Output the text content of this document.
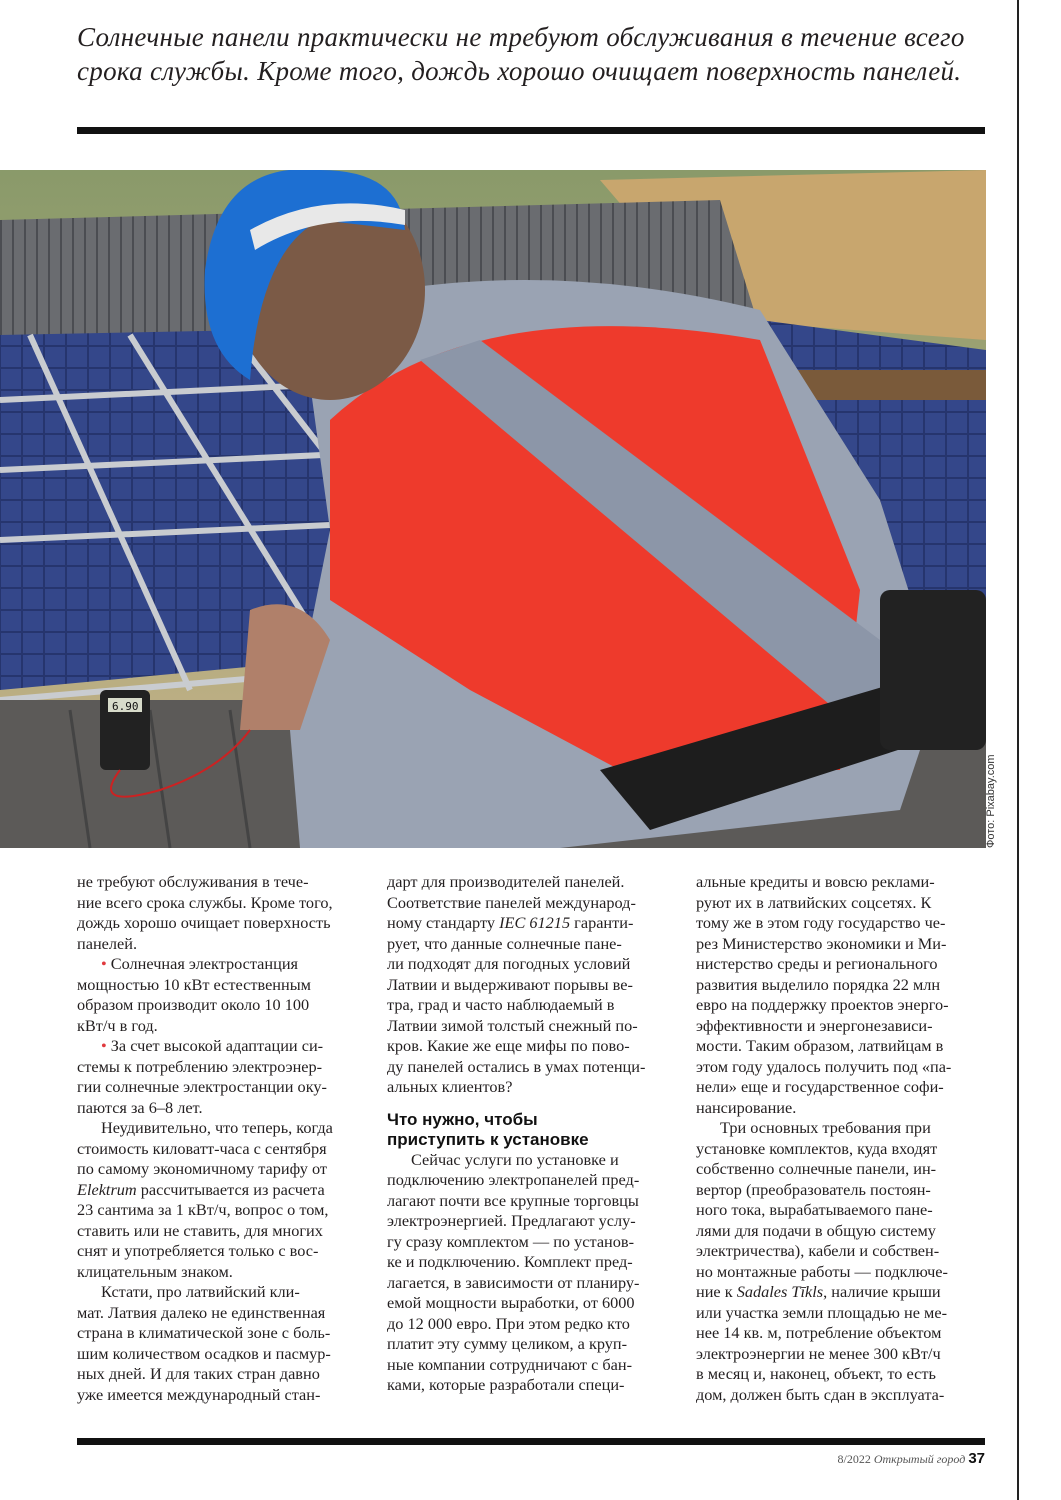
Солнечные панели практически не требуют обслуживания в течение всего срока службы. Кроме того, дождь хорошо очищает поверхность панелей.
6.90
Фото: Pixabay.com
не требуют обслуживания в тече-
ние всего срока службы. Кроме того,
дождь хорошо очищает поверхность
панелей.
• Солнечная электростанция
мощностью 10 кВт естественным
образом производит около 10 100
кВт/ч в год.
• За счет высокой адаптации си-
стемы к потреблению электроэнер-
гии солнечные электростанции оку-
паются за 6–8 лет.
Неудивительно, что теперь, когда
стоимость киловатт-часа с сентября
по самому экономичному тарифу от
Elektrum рассчитывается из расчета
23 сантима за 1 кВт/ч, вопрос о том,
ставить или не ставить, для многих
снят и употребляется только с вос-
клицательным знаком.
Кстати, про латвийский кли-
мат. Латвия далеко не единственная
страна в климатической зоне с боль-
шим количеством осадков и пасмур-
ных дней. И для таких стран давно
уже имеется международный стан-
дарт для производителей панелей.
Соответствие панелей международ-
ному стандарту IEC 61215 гаранти-
рует, что данные солнечные пане-
ли подходят для погодных условий
Латвии и выдерживают порывы ве-
тра, град и часто наблюдаемый в
Латвии зимой толстый снежный по-
кров. Какие же еще мифы по пово-
ду панелей остались в умах потенци-
альных клиентов?
Что нужно, чтобы
приступить к установке
Сейчас услуги по установке и
подключению электропанелей пред-
лагают почти все крупные торговцы
электроэнергией. Предлагают услу-
гу сразу комплектом — по установ-
ке и подключению. Комплект пред-
лагается, в зависимости от планиру-
емой мощности выработки, от 6000
до 12 000 евро. При этом редко кто
платит эту сумму целиком, а круп-
ные компании сотрудничают с бан-
ками, которые разработали специ-
альные кредиты и вовсю реклами-
руют их в латвийских соцсетях. К
тому же в этом году государство че-
рез Министерство экономики и Ми-
нистерство среды и регионального
развития выделило порядка 22 млн
евро на поддержку проектов энерго-
эффективности и энергонезависи-
мости. Таким образом, латвийцам в
этом году удалось получить под «па-
нели» еще и государственное софи-
нансирование.
Три основных требования при
установке комплектов, куда входят
собственно солнечные панели, ин-
вертор (преобразователь постоян-
ного тока, вырабатываемого пане-
лями для подачи в общую систему
электричества), кабели и собствен-
но монтажные работы — подключе-
ние к Sadales Tīkls, наличие крыши
или участка земли площадью не ме-
нее 14 кв. м, потребление объектом
электроэнергии не менее 300 кВт/ч
в месяц и, наконец, объект, то есть
дом, должен быть сдан в эксплуата-
8/2022 Открытый город 37
